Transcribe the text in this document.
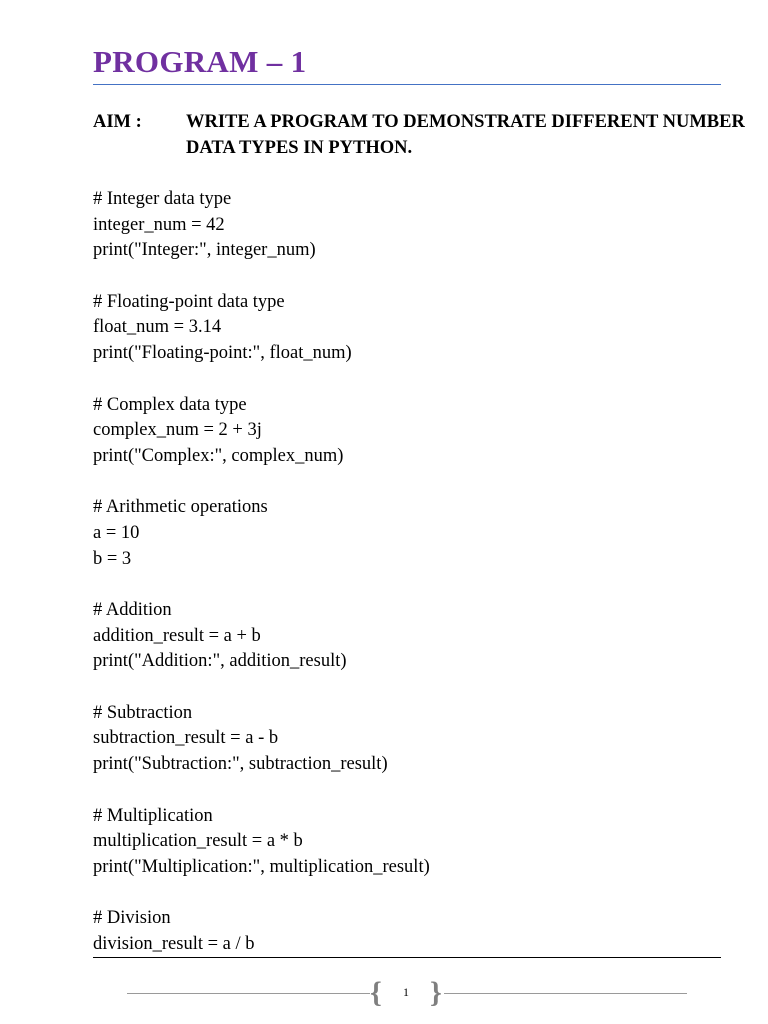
PROGRAM – 1
AIM : WRITE A PROGRAM TO DEMONSTRATE DIFFERENT NUMBER DATA TYPES IN PYTHON.
# Integer data type
integer_num = 42
print("Integer:", integer_num)
# Floating-point data type
float_num = 3.14
print("Floating-point:", float_num)
# Complex data type
complex_num = 2 + 3j
print("Complex:", complex_num)
# Arithmetic operations
a = 10
b = 3
# Addition
addition_result = a + b
print("Addition:", addition_result)
# Subtraction
subtraction_result = a - b
print("Subtraction:", subtraction_result)
# Multiplication
multiplication_result = a * b
print("Multiplication:", multiplication_result)
# Division
division_result = a / b
{	1 }
